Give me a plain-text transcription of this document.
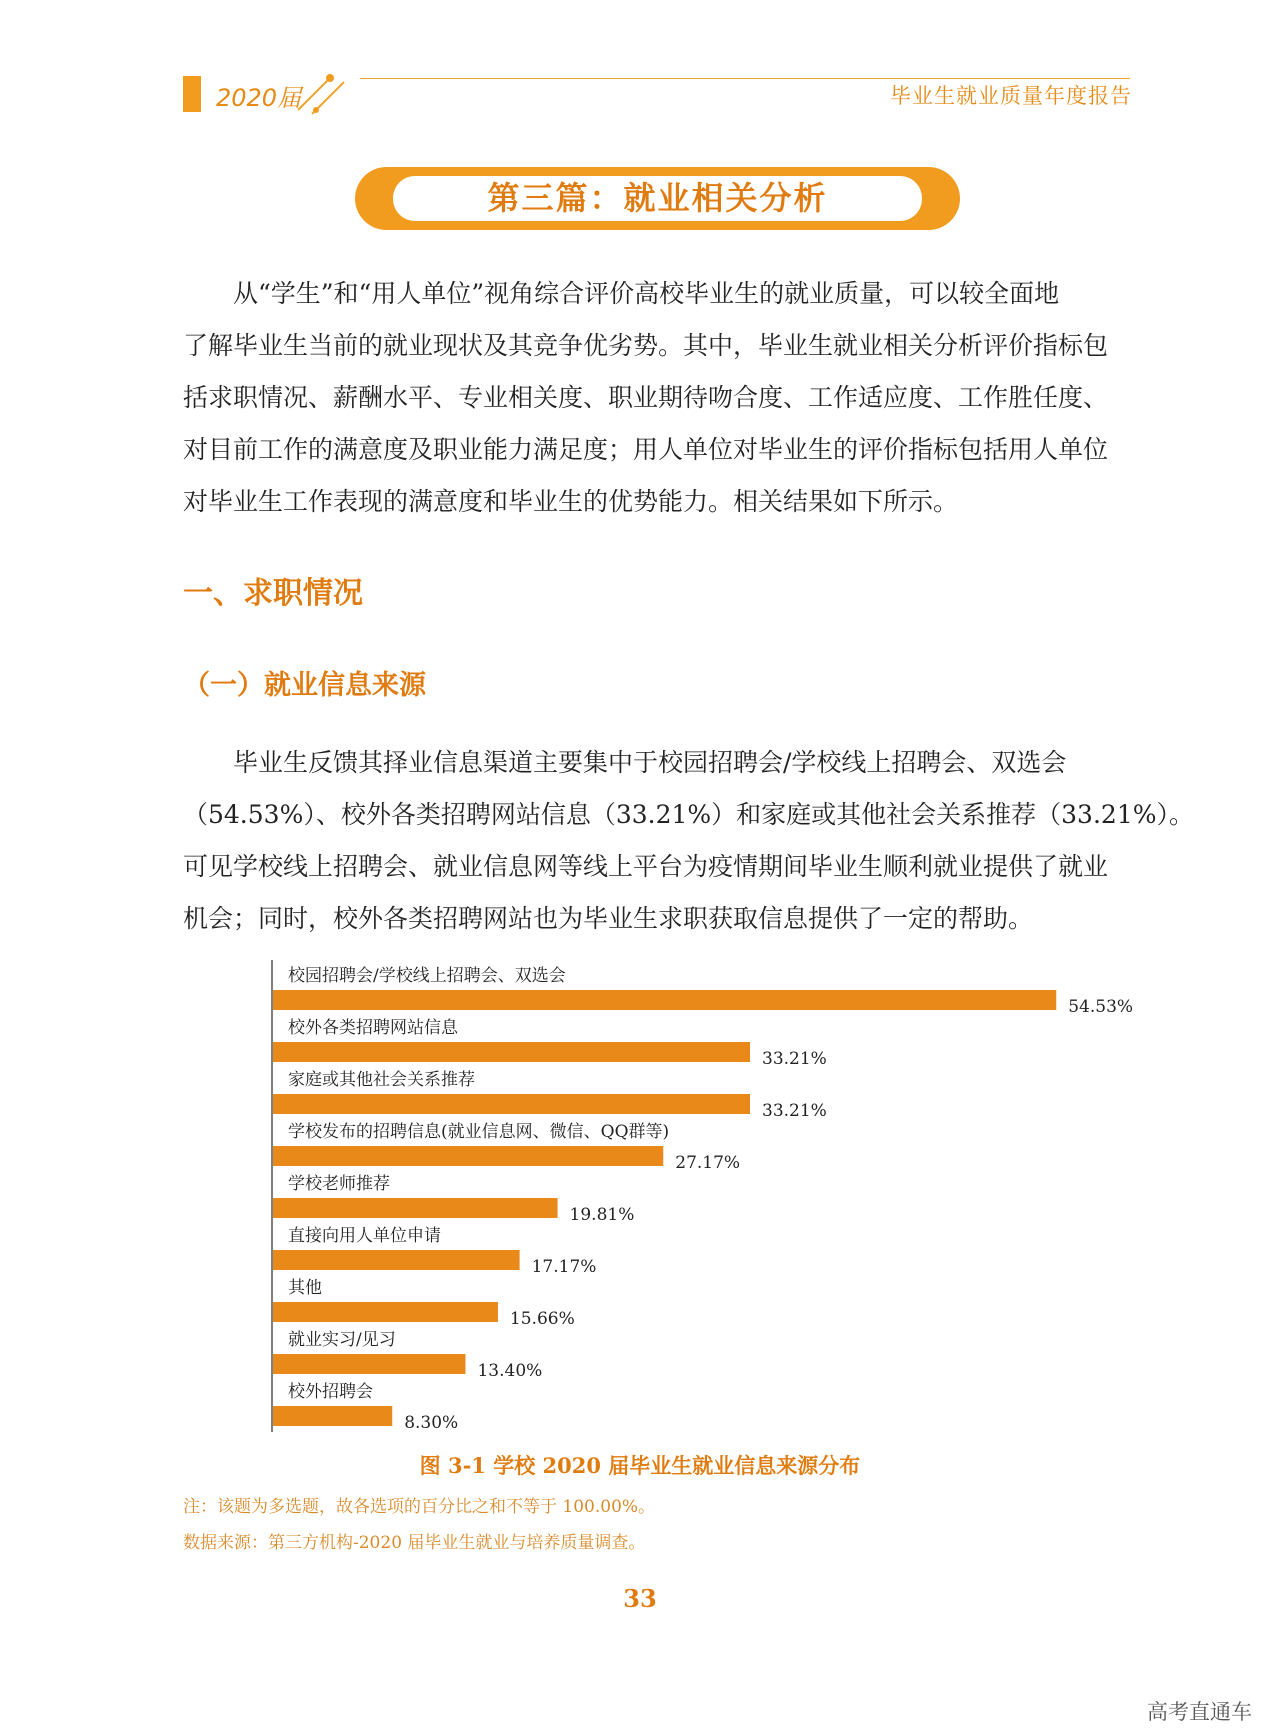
2020届	毕业生就业质量年度报告
第三篇：就业相关分析
　　从“学生”和“用人单位”视角综合评价高校毕业生的就业质量，可以较全面地
了解毕业生当前的就业现状及其竞争优劣势。其中，毕业生就业相关分析评价指标包
括求职情况、薪酬水平、专业相关度、职业期待吻合度、工作适应度、工作胜任度、
对目前工作的满意度及职业能力满足度；用人单位对毕业生的评价指标包括用人单位
对毕业生工作表现的满意度和毕业生的优势能力。相关结果如下所示。
一、求职情况
（一）就业信息来源
　　毕业生反馈其择业信息渠道主要集中于校园招聘会/学校线上招聘会、双选会
（54.53%）、校外各类招聘网站信息（33.21%）和家庭或其他社会关系推荐（33.21%）。
可见学校线上招聘会、就业信息网等线上平台为疫情期间毕业生顺利就业提供了就业
机会；同时，校外各类招聘网站也为毕业生求职获取信息提供了一定的帮助。
校园招聘会/学校线上招聘会、双选会
54.53%
校外各类招聘网站信息
33.21%
家庭或其他社会关系推荐
33.21%
学校发布的招聘信息(就业信息网、微信、QQ群等)
27.17%
学校老师推荐
19.81%
直接向用人单位申请
17.17%
其他
15.66%
就业实习/见习
13.40%
校外招聘会
8.30%
图 3-1 学校 2020 届毕业生就业信息来源分布
注：该题为多选题，故各选项的百分比之和不等于 100.00%。
数据来源：第三方机构-2020 届毕业生就业与培养质量调查。
33
高考直通车
